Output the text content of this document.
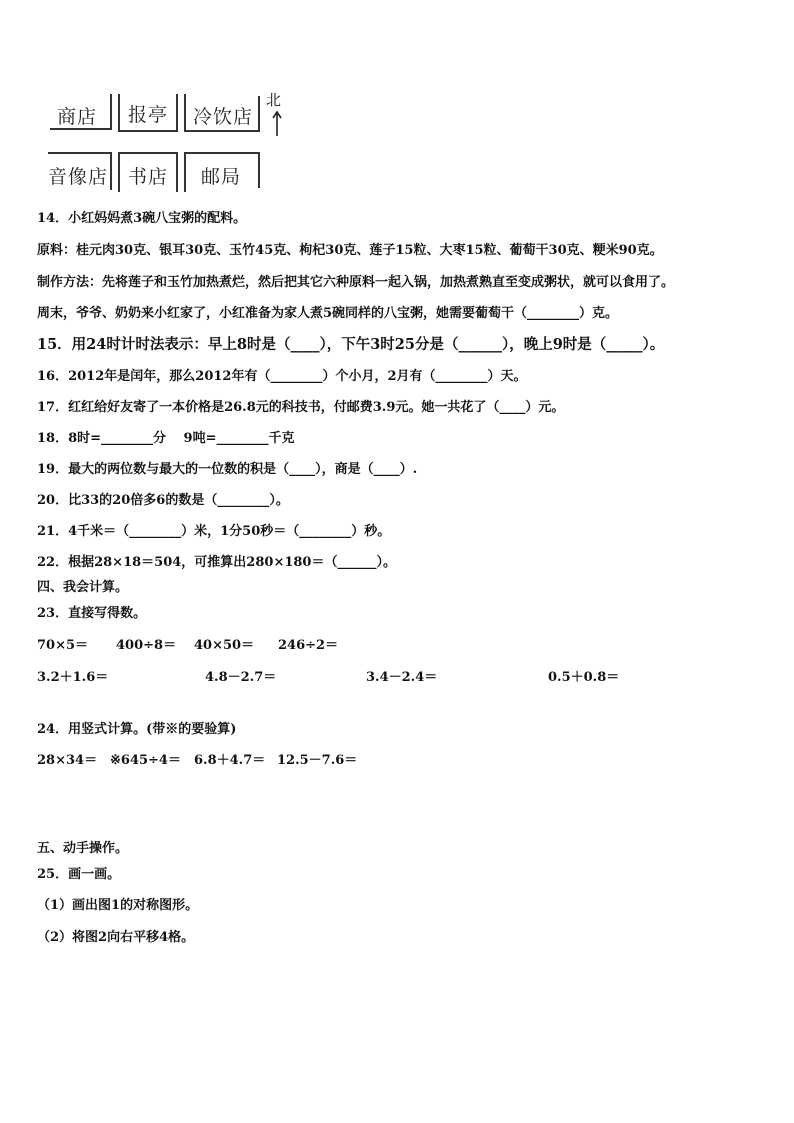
商店 报亭 冷饮店
音像店 书店 邮局
北
14．小红妈妈煮3碗八宝粥的配料。
原料：桂元肉30克、银耳30克、玉竹45克、枸杞30克、莲子15粒、大枣15粒、葡萄干30克、粳米90克。
制作方法：先将莲子和玉竹加热煮烂，然后把其它六种原料一起入锅，加热煮熟直至变成粥状，就可以食用了。
周末，爷爷、奶奶来小红家了，小红准备为家人煮5碗同样的八宝粥，她需要葡萄干（________）克。
15．用24时计时法表示：早上8时是（____），下午3时25分是（______），晚上9时是（_____）。
16．2012年是闰年，那么2012年有（________）个小月，2月有（________）天。
17．红红给好友寄了一本价格是26.8元的科技书，付邮费3.9元。她一共花了（____）元。
18．8时=________分　 9吨=________千克
19．最大的两位数与最大的一位数的积是（____），商是（____）.
20．比33的20倍多6的数是（________）。
21．4千米＝（________）米，1分50秒＝（________）秒。
22．根据28×18＝504，可推算出280×180＝（______）。
四、我会计算。
23．直接写得数。
70×5＝ 400÷8＝ 40×50＝ 246÷2＝
3.2＋1.6＝	4.8－2.7＝	3.4－2.4＝	0.5＋0.8＝
24．用竖式计算。(带※的要验算)
28×34＝ ※645÷4＝ 6.8＋4.7＝ 12.5－7.6＝
五、动手操作。
25．画一画。
（1）画出图1的对称图形。
（2）将图2向右平移4格。
